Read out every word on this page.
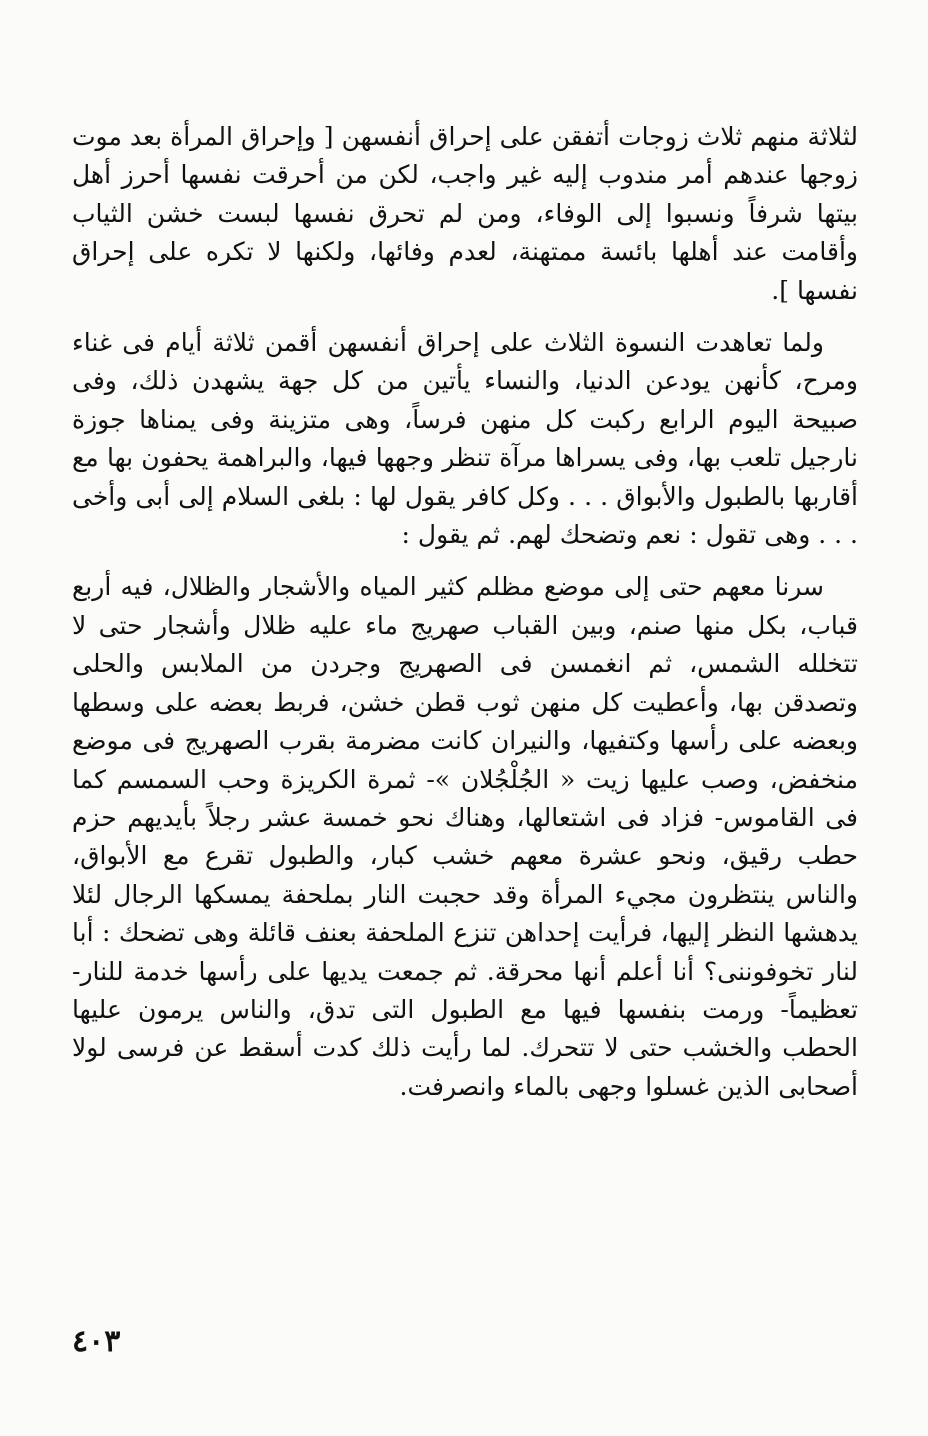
لثلاثة منهم ثلاث زوجات أتفقن على إحراق أنفسهن [ وإحراق المرأة بعد موت زوجها عندهم أمر مندوب إليه غير واجب، لكن من أحرقت نفسها أحرز أهل بيتها شرفاً ونسبوا إلى الوفاء، ومن لم تحرق نفسها لبست خشن الثياب وأقامت عند أهلها بائسة ممتهنة، لعدم وفائها، ولكنها لا تكره على إحراق نفسها ].

ولما تعاهدت النسوة الثلاث على إحراق أنفسهن أقمن ثلاثة أيام فى غناء ومرح، كأنهن يودعن الدنيا، والنساء يأتين من كل جهة يشهدن ذلك، وفى صبيحة اليوم الرابع ركبت كل منهن فرساً، وهى متزينة وفى يمناها جوزة نارجيل تلعب بها، وفى يسراها مرآة تنظر وجهها فيها، والبراهمة يحفون بها مع أقاربها بالطبول والأبواق . . . وكل كافر يقول لها : بلغى السلام إلى أبى وأخى . . . وهى تقول : نعم وتضحك لهم. ثم يقول :

سرنا معهم حتى إلى موضع مظلم كثير المياه والأشجار والظلال، فيه أربع قباب، بكل منها صنم، وبين القباب صهريج ماء عليه ظلال وأشجار حتى لا تتخلله الشمس، ثم انغمسن فى الصهريج وجردن من الملابس والحلى وتصدقن بها، وأعطيت كل منهن ثوب قطن خشن، فربط بعضه على وسطها وبعضه على رأسها وكتفيها، والنيران كانت مضرمة بقرب الصهريج فى موضع منخفض، وصب عليها زيت « الجُلْجُلان »- ثمرة الكريزة وحب السمسم كما فى القاموس- فزاد فى اشتعالها، وهناك نحو خمسة عشر رجلاً بأيديهم حزم حطب رقيق، ونحو عشرة معهم خشب كبار، والطبول تقرع مع الأبواق، والناس ينتظرون مجيء المرأة وقد حجبت النار بملحفة يمسكها الرجال لئلا يدهشها النظر إليها، فرأيت إحداهن تنزع الملحفة بعنف قائلة وهى تضحك : أبا لنار تخوفوننى؟ أنا أعلم أنها محرقة. ثم جمعت يديها على رأسها خدمة للنار- تعظيماً- ورمت بنفسها فيها مع الطبول التى تدق، والناس يرمون عليها الحطب والخشب حتى لا تتحرك. لما رأيت ذلك كدت أسقط عن فرسى لولا أصحابى الذين غسلوا وجهى بالماء وانصرفت.

٤٠٣
